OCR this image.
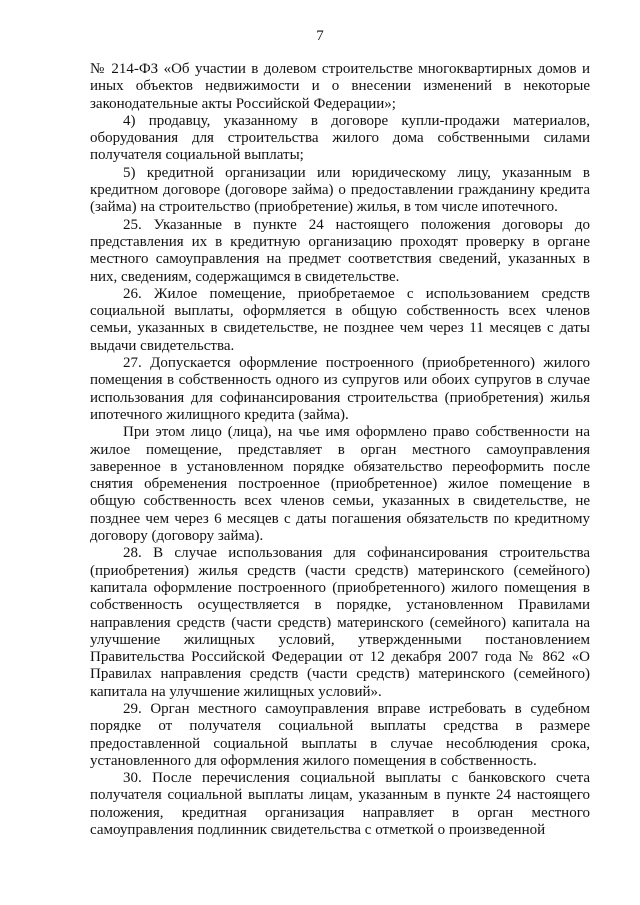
7

№ 214-ФЗ «Об участии в долевом строительстве многоквартирных домов и иных объектов недвижимости и о внесении изменений в некоторые законодательные акты Российской Федерации»;

4) продавцу, указанному в договоре купли-продажи материалов, оборудования для строительства жилого дома собственными силами получателя социальной выплаты;

5) кредитной организации или юридическому лицу, указанным в кредитном договоре (договоре займа) о предоставлении гражданину кредита (займа) на строительство (приобретение) жилья, в том числе ипотечного.

25. Указанные в пункте 24 настоящего положения договоры до представления их в кредитную организацию проходят проверку в органе местного самоуправления на предмет соответствия сведений, указанных в них, сведениям, содержащимся в свидетельстве.

26. Жилое помещение, приобретаемое с использованием средств социальной выплаты, оформляется в общую собственность всех членов семьи, указанных в свидетельстве, не позднее чем через 11 месяцев с даты выдачи свидетельства.

27. Допускается оформление построенного (приобретенного) жилого помещения в собственность одного из супругов или обоих супругов в случае использования для софинансирования строительства (приобретения) жилья ипотечного жилищного кредита (займа).

При этом лицо (лица), на чье имя оформлено право собственности на жилое помещение, представляет в орган местного самоуправления заверенное в установленном порядке обязательство переоформить после снятия обременения построенное (приобретенное) жилое помещение в общую собственность всех членов семьи, указанных в свидетельстве, не позднее чем через 6 месяцев с даты погашения обязательств по кредитному договору (договору займа).

28. В случае использования для софинансирования строительства (приобретения) жилья средств (части средств) материнского (семейного) капитала оформление построенного (приобретенного) жилого помещения в собственность осуществляется в порядке, установленном Правилами направления средств (части средств) материнского (семейного) капитала на улучшение жилищных условий, утвержденными постановлением Правительства Российской Федерации от 12 декабря 2007 года № 862 «О Правилах направления средств (части средств) материнского (семейного) капитала на улучшение жилищных условий».

29. Орган местного самоуправления вправе истребовать в судебном порядке от получателя социальной выплаты средства в размере предоставленной социальной выплаты в случае несоблюдения срока, установленного для оформления жилого помещения в собственность.

30. После перечисления социальной выплаты с банковского счета получателя социальной выплаты лицам, указанным в пункте 24 настоящего положения, кредитная организация направляет в орган местного самоуправления подлинник свидетельства с отметкой о произведенной
